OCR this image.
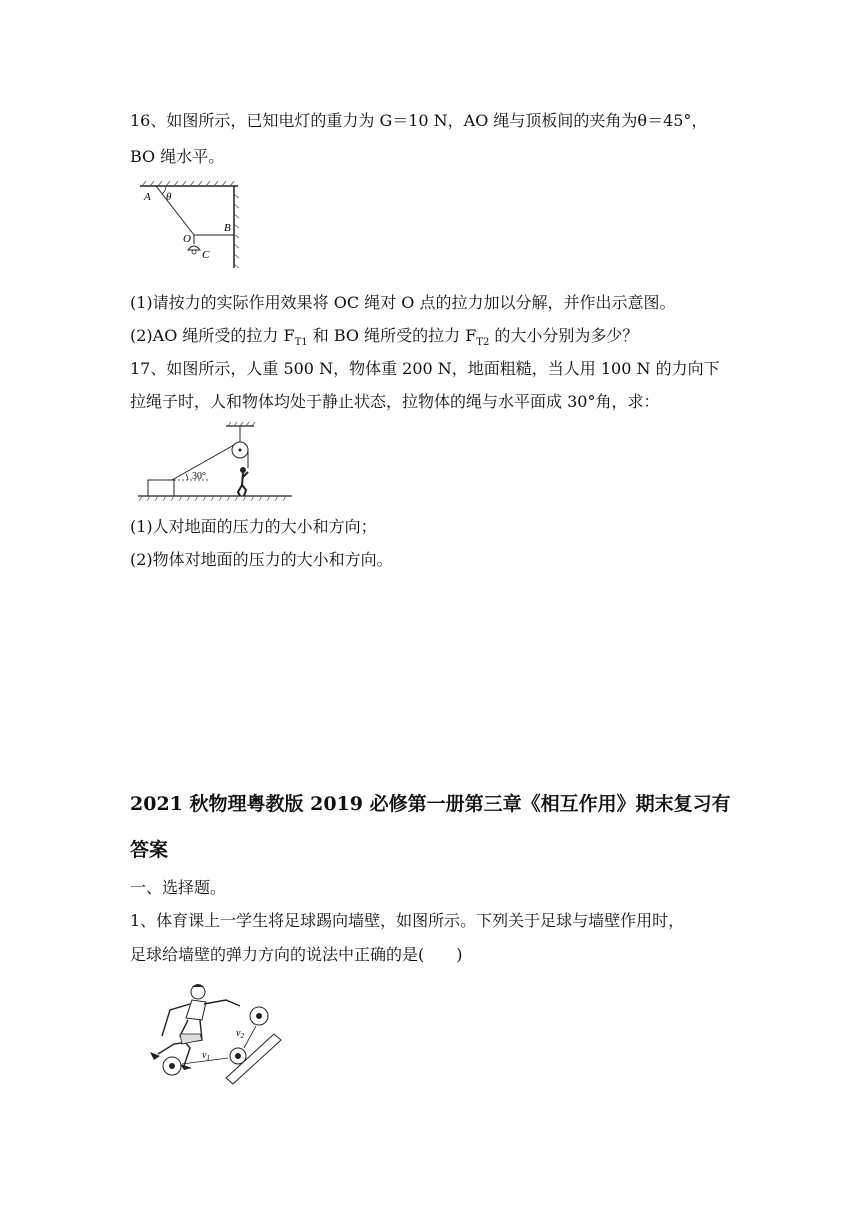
16、如图所示，已知电灯的重力为 G＝10 N，AO 绳与顶板间的夹角为θ＝45°，
BO 绳水平。
A θ
O
B
C
(1)请按力的实际作用效果将 OC 绳对 O 点的拉力加以分解，并作出示意图。
(2)AO 绳所受的拉力 $F_{T1}$ 和 BO 绳所受的拉力 $F_{T2}$ 的大小分别为多少？
17、如图所示，人重 500 N，物体重 200 N，地面粗糙，当人用 100 N 的力向下
拉绳子时，人和物体均处于静止状态，拉物体的绳与水平面成 30°角，求：
30°
(1)人对地面的压力的大小和方向；
(2)物体对地面的压力的大小和方向。
2021 秋物理粤教版 2019 必修第一册第三章《相互作用》期末复习有
答案
一、选择题。
1、体育课上一学生将足球踢向墙壁，如图所示。下列关于足球与墙壁作用时，
足球给墙壁的弹力方向的说法中正确的是(　　)
$v_1$
$v_2$
